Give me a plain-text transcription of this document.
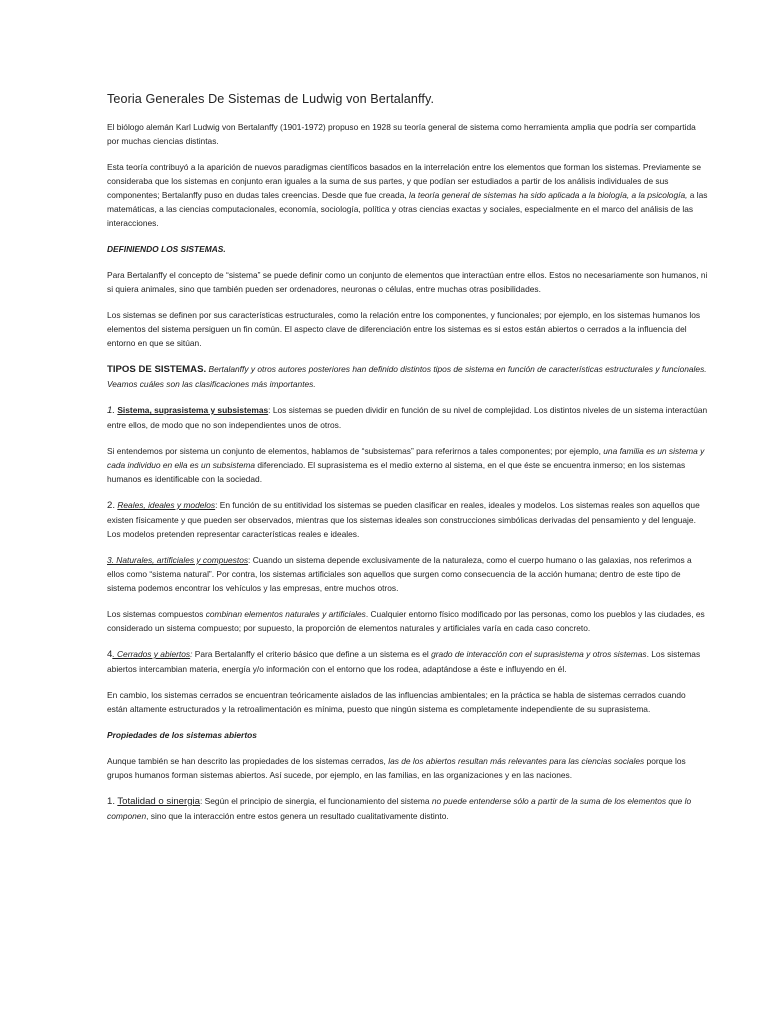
Teoria Generales De Sistemas de Ludwig von Bertalanffy.

El biólogo alemán Karl Ludwig von Bertalanffy (1901-1972) propuso en 1928 su teoría general de sistema como herramienta amplia que podría ser compartida por muchas ciencias distintas.

Esta teoría contribuyó a la aparición de nuevos paradigmas científicos basados en la interrelación entre los elementos que forman los sistemas. Previamente se consideraba que los sistemas en conjunto eran iguales a la suma de sus partes, y que podían ser estudiados a partir de los análisis individuales de sus componentes; Bertalanffy puso en dudas tales creencias. Desde que fue creada, la teoría general de sistemas ha sido aplicada a la biología, a la psicología, a las matemáticas, a las ciencias computacionales, economía, sociología, política y otras ciencias exactas y sociales, especialmente en el marco del análisis de las interacciones.

DEFINIENDO LOS SISTEMAS.

Para Bertalanffy el concepto de “sistema” se puede definir como un conjunto de elementos que interactúan entre ellos. Estos no necesariamente son humanos, ni si quiera animales, sino que también pueden ser ordenadores, neuronas o células, entre muchas otras posibilidades.

Los sistemas se definen por sus características estructurales, como la relación entre los componentes, y funcionales; por ejemplo, en los sistemas humanos los elementos del sistema persiguen un fin común. El aspecto clave de diferenciación entre los sistemas es si estos están abiertos o cerrados a la influencia del entorno en que se sitúan.

TIPOS DE SISTEMAS. Bertalanffy y otros autores posteriores han definido distintos tipos de sistema en función de características estructurales y funcionales. Veamos cuáles son las clasificaciones más importantes.

1. Sistema, suprasistema y subsistemas: Los sistemas se pueden dividir en función de su nivel de complejidad. Los distintos niveles de un sistema interactúan entre ellos, de modo que no son independientes unos de otros.

Si entendemos por sistema un conjunto de elementos, hablamos de “subsistemas” para referirnos a tales componentes; por ejemplo, una familia es un sistema y cada individuo en ella es un subsistema diferenciado. El suprasistema es el medio externo al sistema, en el que éste se encuentra inmerso; en los sistemas humanos es identificable con la sociedad.

2. Reales, ideales y modelos: En función de su entitividad los sistemas se pueden clasificar en reales, ideales y modelos. Los sistemas reales son aquellos que existen físicamente y que pueden ser observados, mientras que los sistemas ideales son construcciones simbólicas derivadas del pensamiento y del lenguaje. Los modelos pretenden representar características reales e ideales.

3. Naturales, artificiales y compuestos: Cuando un sistema depende exclusivamente de la naturaleza, como el cuerpo humano o las galaxias, nos referimos a ellos como “sistema natural”. Por contra, los sistemas artificiales son aquellos que surgen como consecuencia de la acción humana; dentro de este tipo de sistema podemos encontrar los vehículos y las empresas, entre muchos otros.

Los sistemas compuestos combinan elementos naturales y artificiales. Cualquier entorno físico modificado por las personas, como los pueblos y las ciudades, es considerado un sistema compuesto; por supuesto, la proporción de elementos naturales y artificiales varía en cada caso concreto.

4. Cerrados y abiertos: Para Bertalanffy el criterio básico que define a un sistema es el grado de interacción con el suprasistema y otros sistemas. Los sistemas abiertos intercambian materia, energía y/o información con el entorno que los rodea, adaptándose a éste e influyendo en él.

En cambio, los sistemas cerrados se encuentran teóricamente aislados de las influencias ambientales; en la práctica se habla de sistemas cerrados cuando están altamente estructurados y la retroalimentación es mínima, puesto que ningún sistema es completamente independiente de su suprasistema.

Propiedades de los sistemas abiertos

Aunque también se han descrito las propiedades de los sistemas cerrados, las de los abiertos resultan más relevantes para las ciencias sociales porque los grupos humanos forman sistemas abiertos. Así sucede, por ejemplo, en las familias, en las organizaciones y en las naciones.

1. Totalidad o sinergia: Según el principio de sinergia, el funcionamiento del sistema no puede entenderse sólo a partir de la suma de los elementos que lo componen, sino que la interacción entre estos genera un resultado cualitativamente distinto.
